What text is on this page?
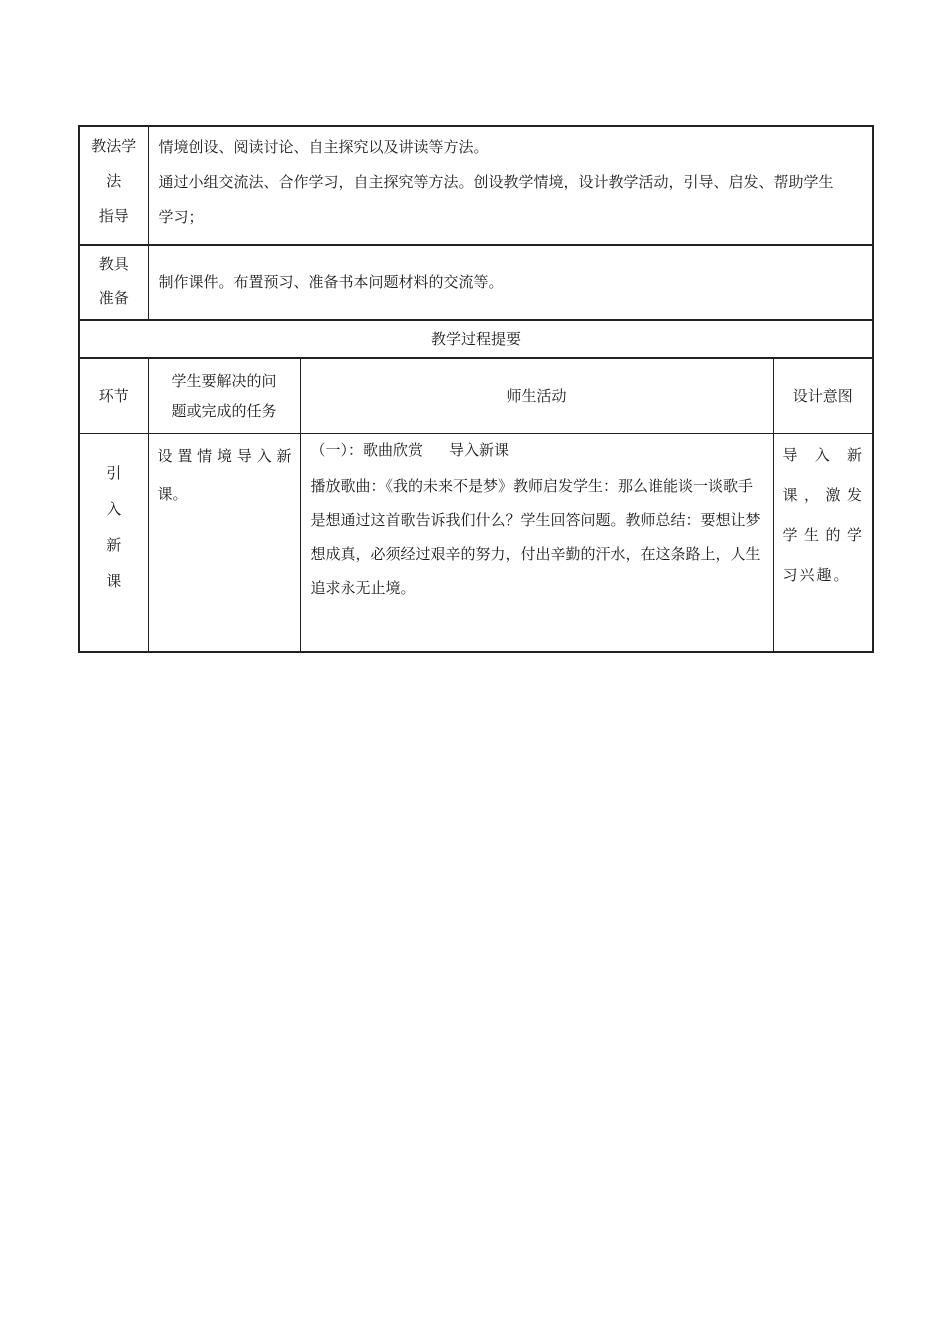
教法学
法
指导	情境创设、阅读讨论、自主探究以及讲读等方法。
通过小组交流法、合作学习，自主探究等方法。创设教学情境，设计教学活动，引导、启发、帮助学生
学习；		

教具
准备	制作课件。布置预习、准备书本问题材料的交流等。		
教学过程提要			
环节	学生要解决的问
题或完成的任务	师生活动	设计意图

引
入
新
课	设置情境导入新课。	（一）：歌曲欣赏 导入新课
播放歌曲：《我的未来不是梦》教师启发学生：那么谁能谈一谈歌手是想通过这首歌告诉我们什么？学生回答问题。教师总结：要想让梦想成真，必须经过艰辛的努力，付出辛勤的汗水，在这条路上，人生追求永无止境。	导入新课，激发学生的学习兴趣。
